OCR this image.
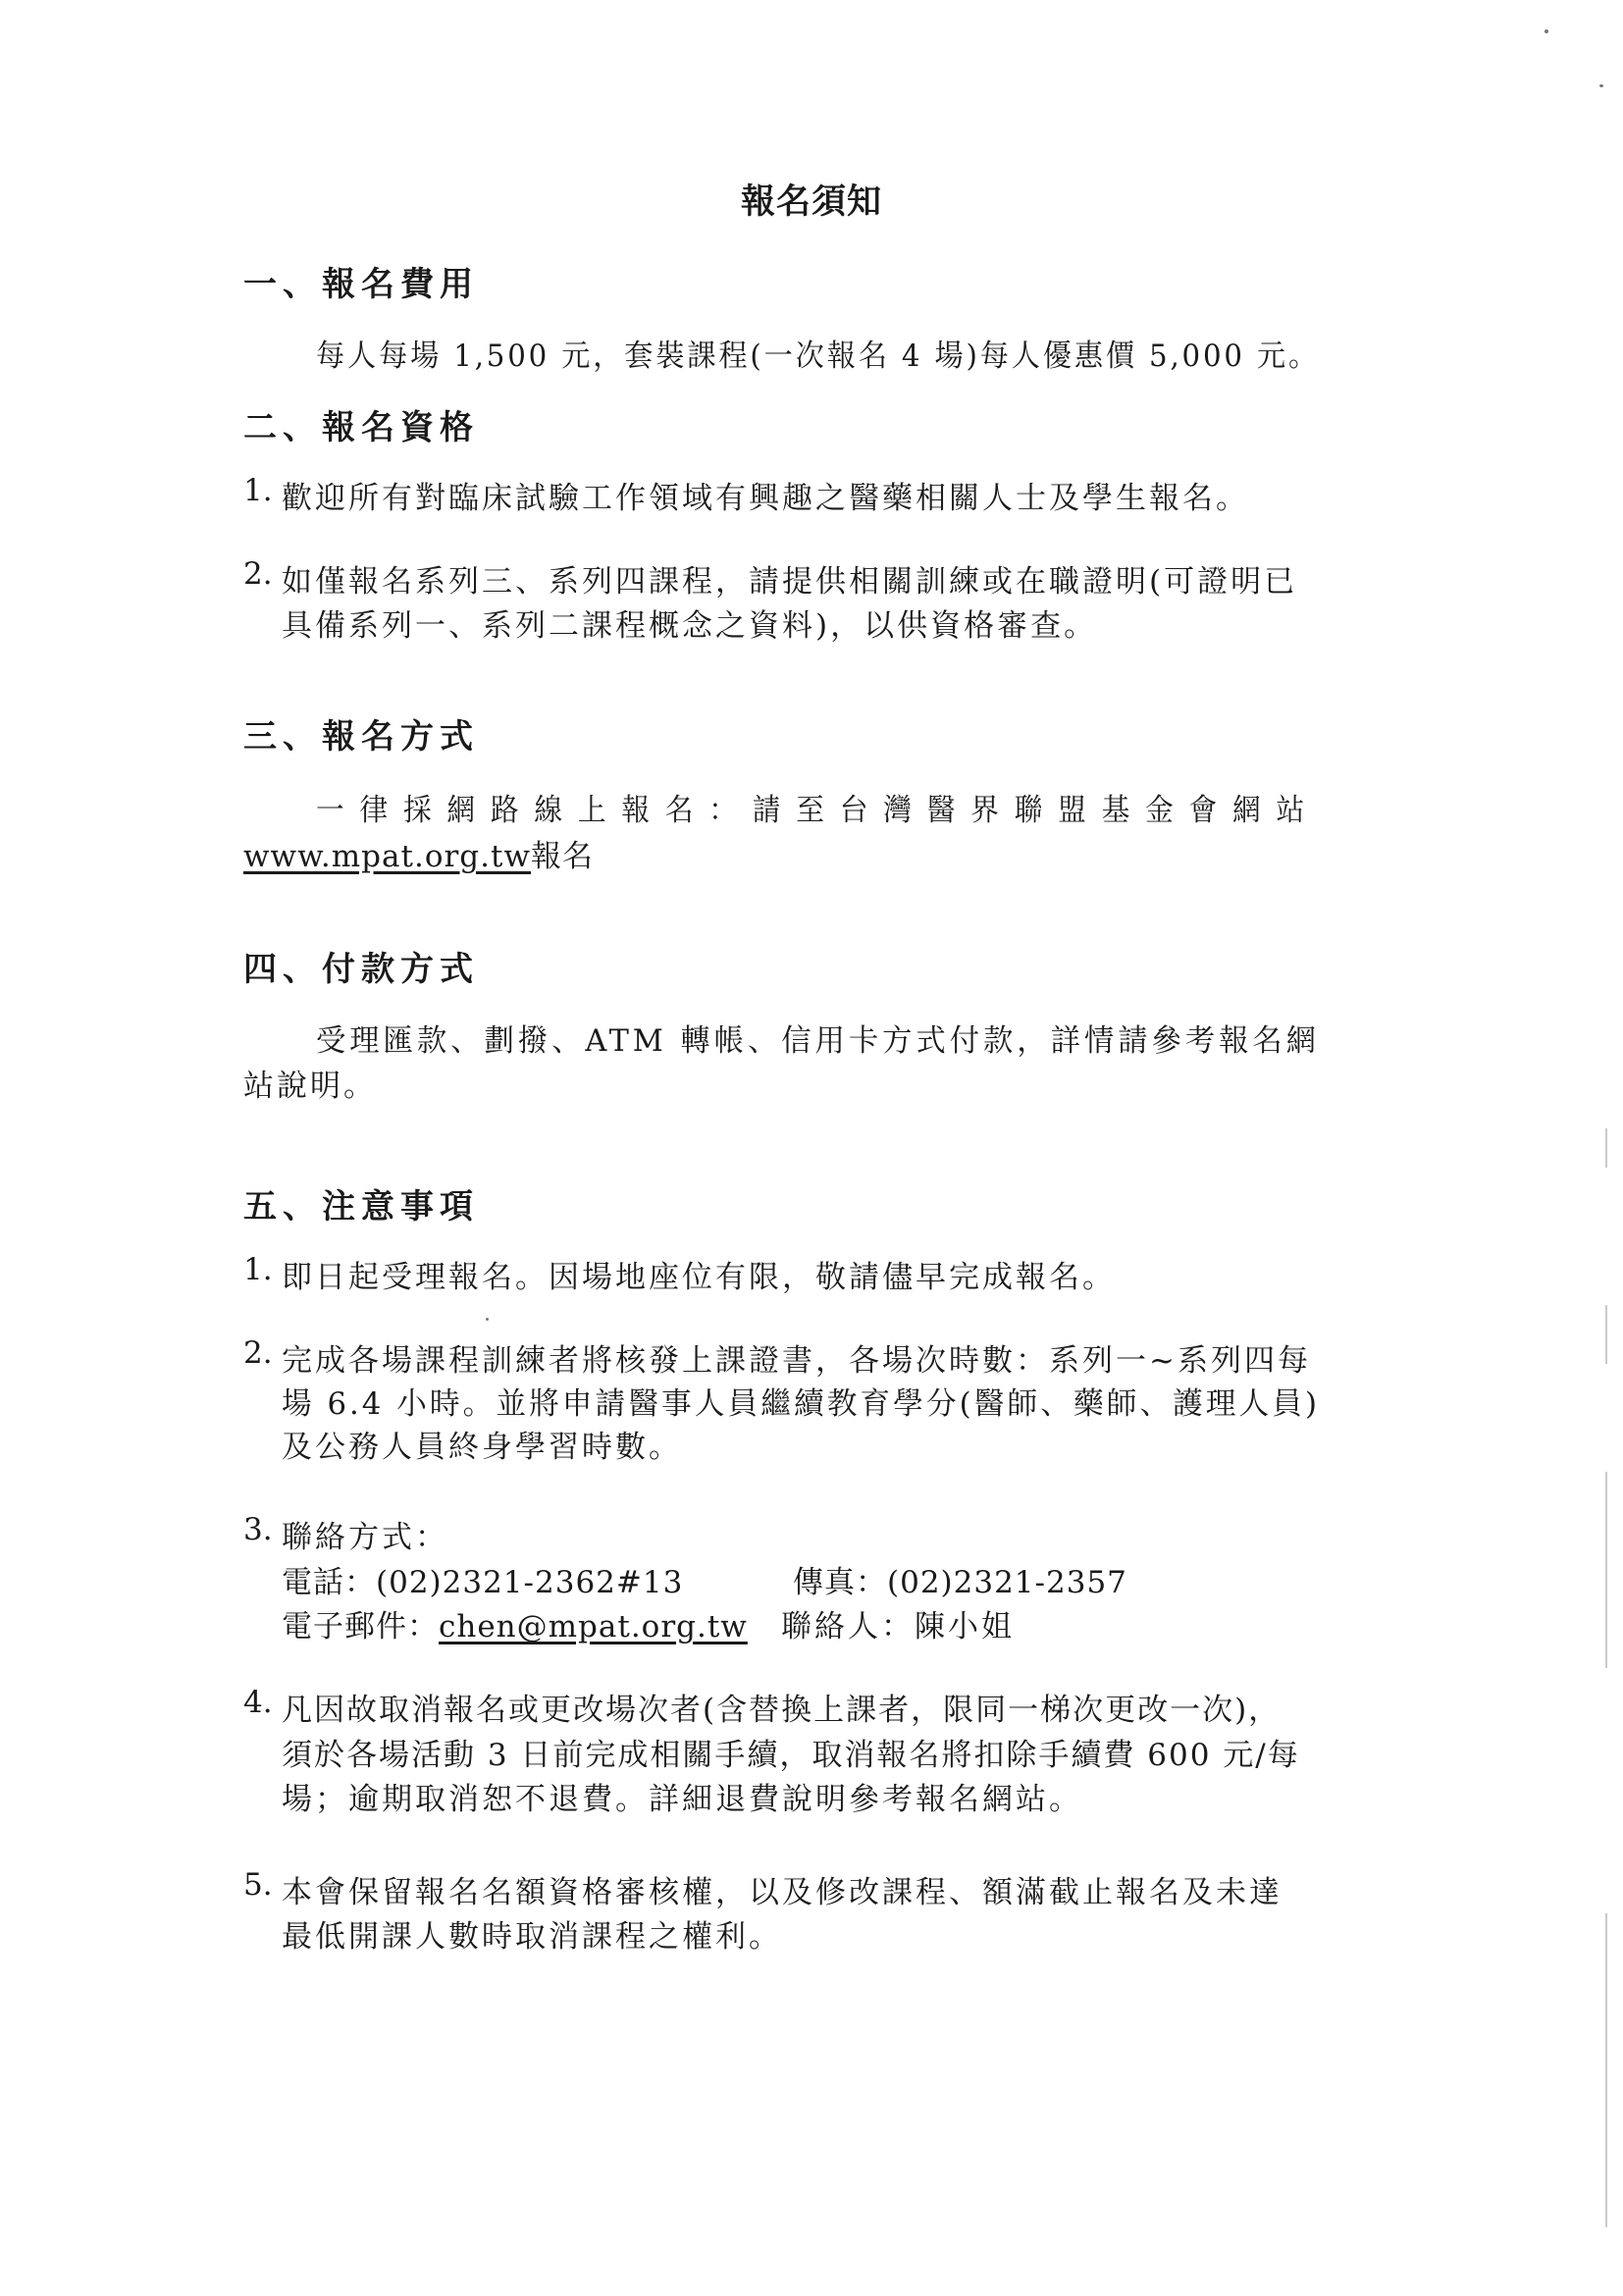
報名須知
一、報名費用
每人每場 1,500 元，套裝課程(一次報名 4 場)每人優惠價 5,000 元。
二、報名資格
1. 歡迎所有對臨床試驗工作領域有興趣之醫藥相關人士及學生報名。
2. 如僅報名系列三、系列四課程，請提供相關訓練或在職證明(可證明已
具備系列一、系列二課程概念之資料)，以供資格審查。
三、報名方式
一律採網路線上報名：請至台灣醫界聯盟基金會網站
www.mpat.org.tw報名
四、付款方式
受理匯款、劃撥、ATM 轉帳、信用卡方式付款，詳情請參考報名網
站說明。
五、注意事項
1. 即日起受理報名。因場地座位有限，敬請儘早完成報名。
2. 完成各場課程訓練者將核發上課證書，各場次時數：系列一~系列四每
場 6.4 小時。並將申請醫事人員繼續教育學分(醫師、藥師、護理人員)
及公務人員終身學習時數。
3. 聯絡方式：
電話：(02)2321-2362#13	傳真：(02)2321-2357
電子郵件：chen@mpat.org.tw 聯絡人：陳小姐
4. 凡因故取消報名或更改場次者(含替換上課者，限同一梯次更改一次)，
須於各場活動 3 日前完成相關手續，取消報名將扣除手續費 600 元/每
場；逾期取消恕不退費。詳細退費說明參考報名網站。
5. 本會保留報名名額資格審核權，以及修改課程、額滿截止報名及未達
最低開課人數時取消課程之權利。
